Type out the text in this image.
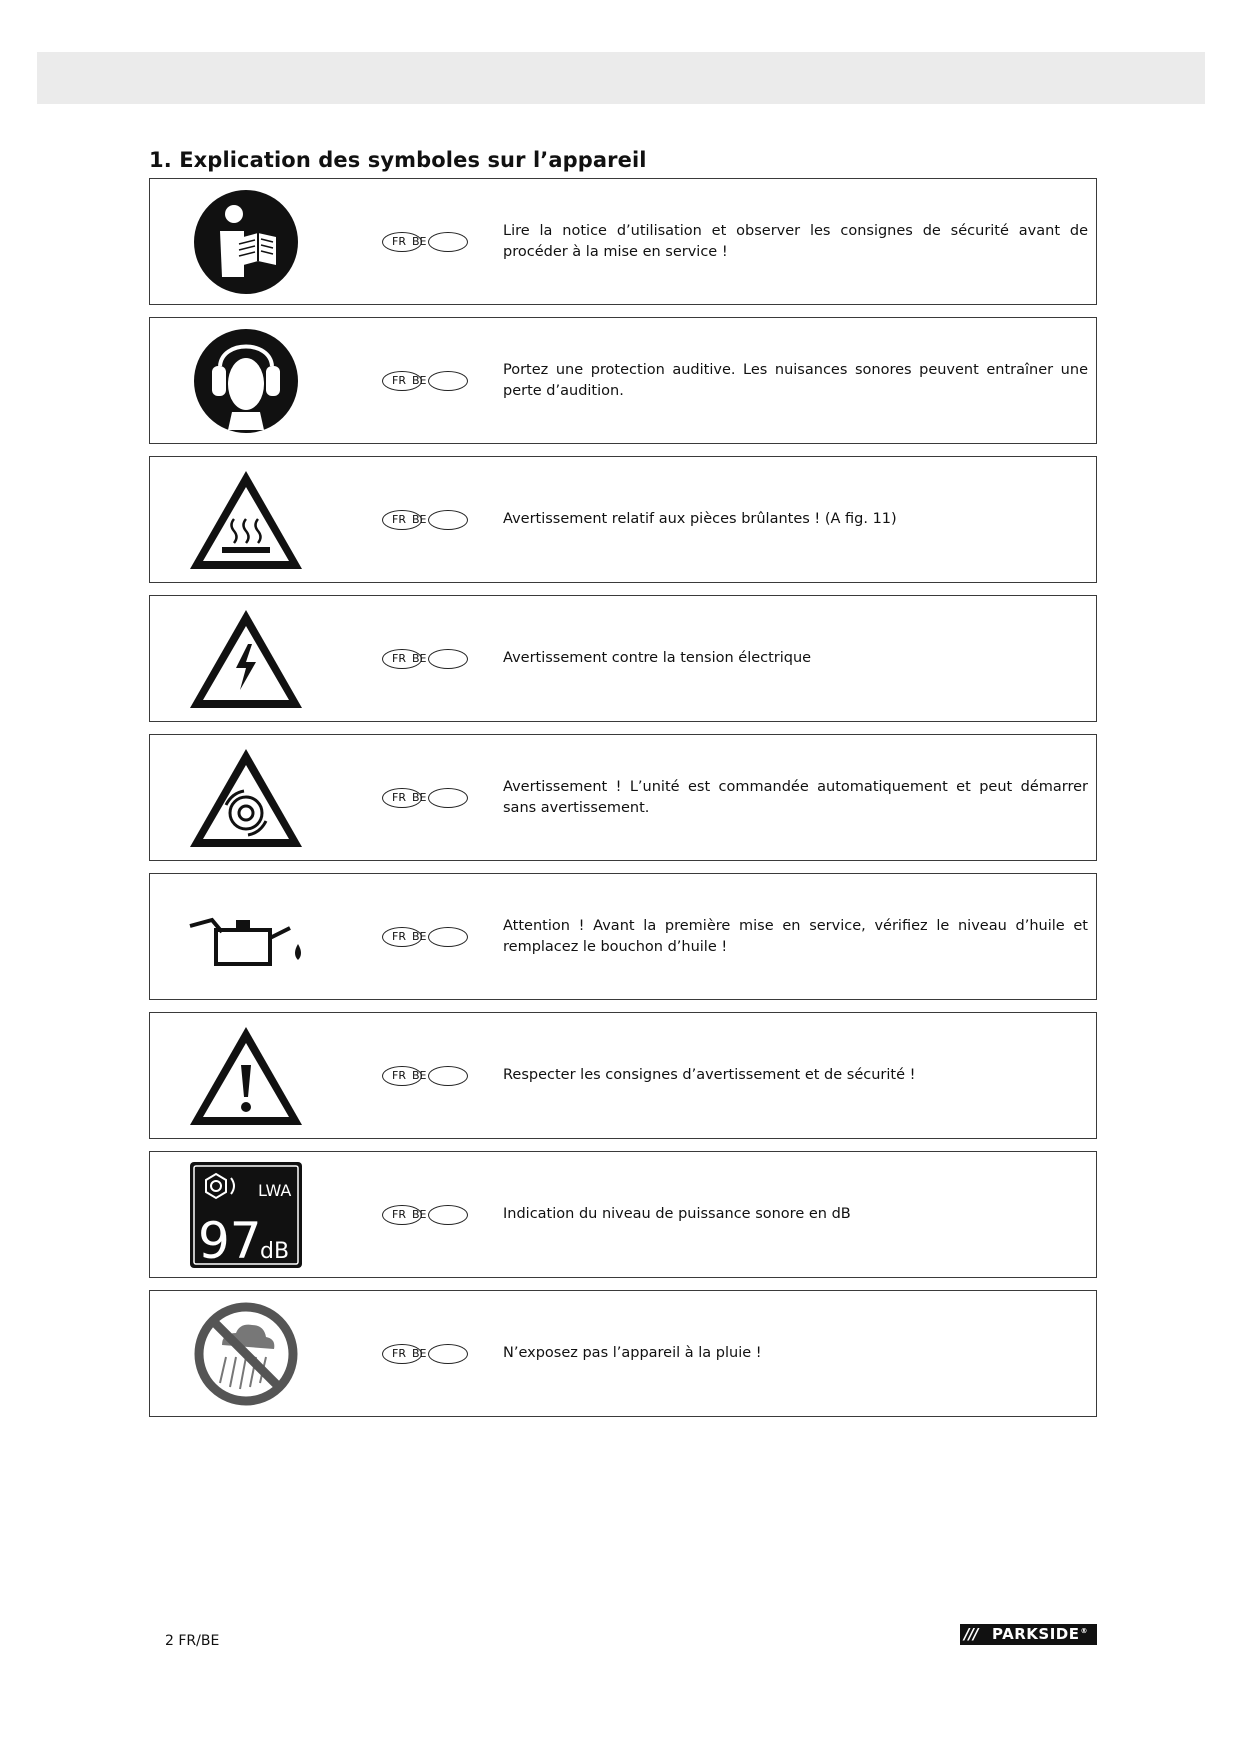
1. Explication des symboles sur l’appareil
FR BE
Lire la notice d’utilisation et observer les consignes de sécurité avant de procéder à la mise en service !
FR BE
Portez une protection auditive. Les nuisances sonores peuvent entraîner une perte d’audition.
FR BE	Avertissement relatif aux pièces brûlantes ! (A fig. 11)
FR BE	Avertissement contre la tension électrique
FR BE
Avertissement ! L’unité est commandée automatiquement et peut démarrer sans avertissement.
FR BE
Attention ! Avant la première mise en service, vérifiez le niveau d’huile et remplacez le bouchon d’huile !
FR BE	Respecter les consignes d’avertissement et de sécurité !
LWA
97
dB
FR BE	Indication du niveau de puissance sonore en dB
FR BE	N’exposez pas l’appareil à la pluie !
2 FR/BE	/// PARKSIDE®
